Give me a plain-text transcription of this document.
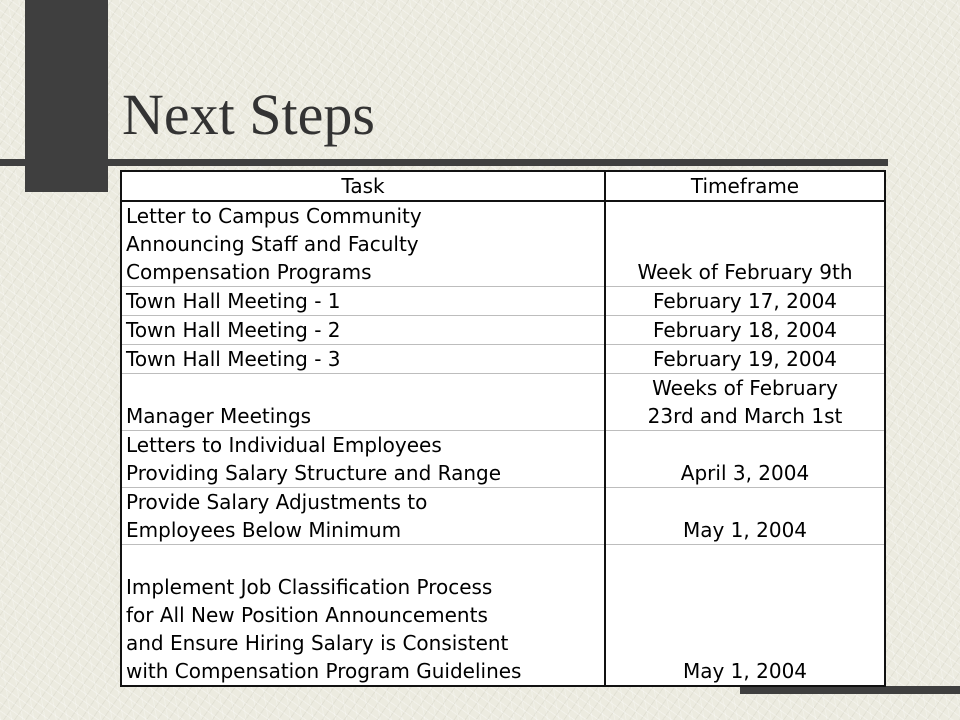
Next Steps
Task	Timeframe

Letter to Campus Community
Announcing Staff and Faculty
Compensation Programs	Week of February 9th

Town Hall Meeting - 1	February 17, 2004

Town Hall Meeting - 2	February 18, 2004

Town Hall Meeting - 3	February 19, 2004

Manager Meetings	Weeks of February
23rd and March 1st

Letters to Individual Employees
Providing Salary Structure and Range	April 3, 2004

Provide Salary Adjustments to
Employees Below Minimum	May 1, 2004

Implement Job Classification Process
for All New Position Announcements
and Ensure Hiring Salary is Consistent
with Compensation Program Guidelines	May 1, 2004
